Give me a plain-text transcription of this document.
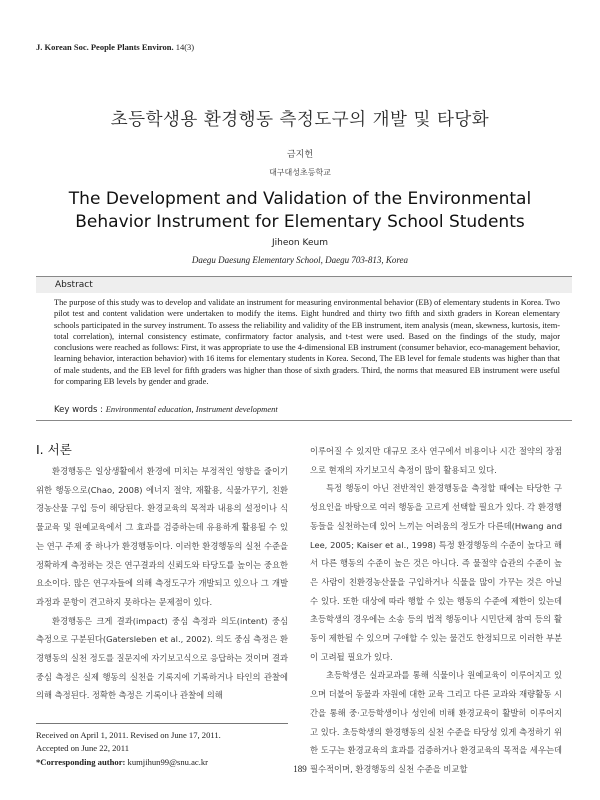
J. Korean Soc. People Plants Environ. 14(3)
초등학생용 환경행동 측정도구의 개발 및 타당화
금지헌
대구대성초등학교
The Development and Validation of the Environmental Behavior Instrument for Elementary School Students
Jiheon Keum
Daegu Daesung Elementary School, Daegu 703-813, Korea
Abstract
The purpose of this study was to develop and validate an instrument for measuring environmental behavior (EB) of elementary students in Korea. Two pilot test and content validation were undertaken to modify the items. Eight hundred and thirty two fifth and sixth graders in Korean elementary schools participated in the survey instrument. To assess the reliability and validity of the EB instrument, item analysis (mean, skewness, kurtosis, item-total correlation), internal consistency estimate, confirmatory factor analysis, and t-test were used. Based on the findings of the study, major conclusions were reached as follows: First, it was appropriate to use the 4-dimensional EB instrument (consumer behavior, eco-management behavior, learning behavior, interaction behavior) with 16 items for elementary students in Korea. Second, The EB level for female students was higher than that of male students, and the EB level for fifth graders was higher than those of sixth graders. Third, the norms that measured EB instrument were useful for comparing EB levels by gender and grade.
Key words : Environmental education, Instrument development
Ⅰ. 서론

환경행동은 일상생활에서 환경에 미치는 부정적인 영향을 줄이기 위한 행동으로(Chao, 2008) 에너지 절약, 재활용, 식물가꾸기, 친환경농산물 구입 등이 해당된다. 환경교육의 목적과 내용의 설정이나 식물교육 및 원예교육에서 그 효과를 검증하는데 유용하게 활용될 수 있는 연구 주제 중 하나가 환경행동이다. 이러한 환경행동의 실천 수준을 정확하게 측정하는 것은 연구결과의 신뢰도와 타당도를 높이는 중요한 요소이다. 많은 연구자들에 의해 측정도구가 개발되고 있으나 그 개발과정과 문항이 견고하지 못하다는 문제점이 있다.

환경행동은 크게 결과(impact) 중심 측정과 의도(intent) 중심 측정으로 구분된다(Gatersleben et al., 2002). 의도 중심 측정은 환경행동의 실천 정도를 질문지에 자기보고식으로 응답하는 것이며 결과 중심 측정은 실제 행동의 실천을 기록지에 기록하거나 타인의 관찰에 의해 측정된다. 정확한 측정은 기록이나 관찰에 의해

이루어질 수 있지만 대규모 조사 연구에서 비용이나 시간 절약의 장점으로 현재의 자기보고식 측정이 많이 활용되고 있다.

특정 행동이 아닌 전반적인 환경행동을 측정할 때에는 타당한 구성요인을 바탕으로 여러 행동을 고르게 선택할 필요가 있다. 각 환경행동들을 실천하는데 있어 느끼는 어려움의 정도가 다른데(Hwang and Lee, 2005; Kaiser et al., 1998) 특정 환경행동의 수준이 높다고 해서 다른 행동의 수준이 높은 것은 아니다. 즉 물절약 습관의 수준이 높은 사람이 친환경농산물을 구입하거나 식물을 많이 가꾸는 것은 아닐 수 있다. 또한 대상에 따라 행할 수 있는 행동의 수준에 제한이 있는데 초등학생의 경우에는 소송 등의 법적 행동이나 시민단체 참여 등의 활동이 제한될 수 있으며 구애할 수 있는 물건도 한정되므로 이러한 부분이 고려될 필요가 있다.

초등학생은 실과교과를 통해 식물이나 원예교육이 이루어지고 있으며 더불어 동물과 자원에 대한 교육 그리고 다른 교과와 재량활동 시간을 통해 중·고등학생이나 성인에 비해 환경교육이 활발히 이루어지고 있다. 초등학생의 환경행동의 실천 수준을 타당성 있게 측정하기 위한 도구는 환경교육의 효과를 검증하거나 환경교육의 목적을 세우는데 필수적이며, 환경행동의 실천 수준을 비교할

Received on April 1, 2011. Revised on June 17, 2011.
Accepted on June 22, 2011
*Corresponding author: kumjihun99@snu.ac.kr
189
